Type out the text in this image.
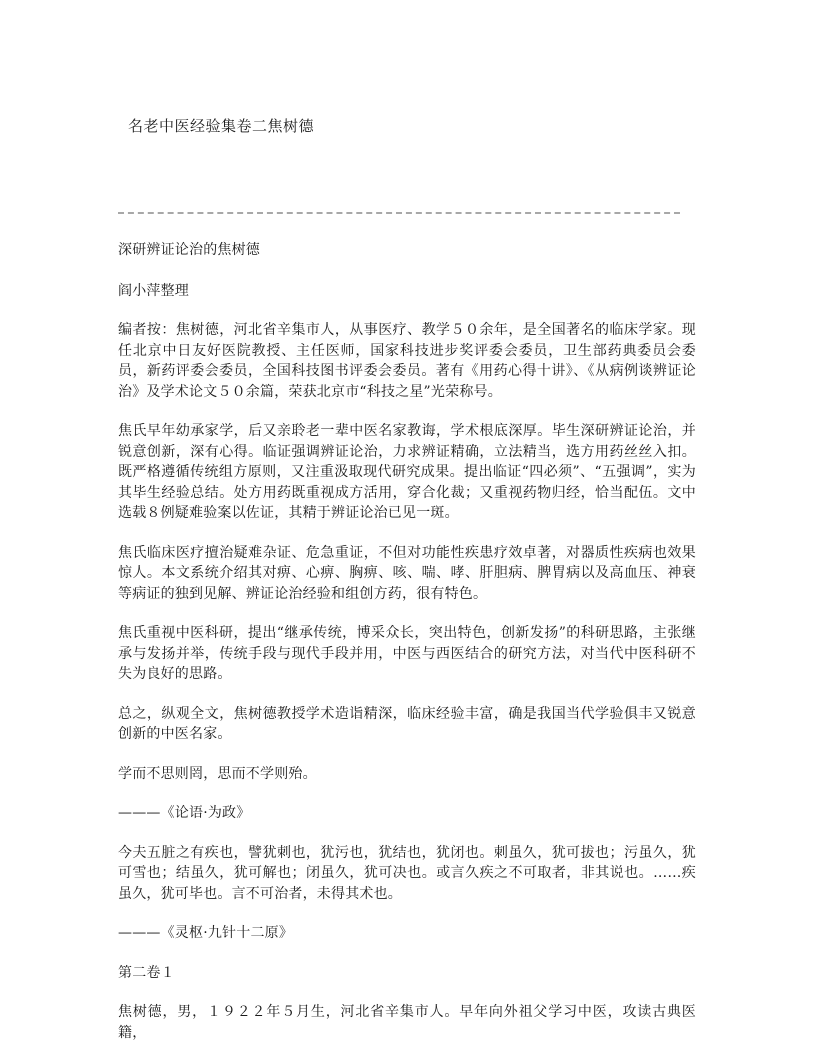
名老中医经验集卷二焦树德

深研辨证论治的焦树德

阎小萍整理

编者按：焦树德，河北省辛集市人，从事医疗、教学５０余年，是全国著名的临床学家。现任北京中日友好医院教授、主任医师，国家科技进步奖评委会委员，卫生部药典委员会委员，新药评委会委员，全国科技图书评委会委员。著有《用药心得十讲》、《从病例谈辨证论治》及学术论文５０余篇，荣获北京市“科技之星”光荣称号。

焦氏早年幼承家学，后又亲聆老一辈中医名家教诲，学术根底深厚。毕生深研辨证论治，并锐意创新，深有心得。临证强调辨证论治，力求辨证精确，立法精当，选方用药丝丝入扣。既严格遵循传统组方原则，又注重汲取现代研究成果。提出临证“四必须”、“五强调”，实为其毕生经验总结。处方用药既重视成方活用，穿合化裁；又重视药物归经，恰当配伍。文中选载８例疑难验案以佐证，其精于辨证论治已见一斑。

焦氏临床医疗擅治疑难杂证、危急重证，不但对功能性疾患疗效卓著，对器质性疾病也效果惊人。本文系统介绍其对痹、心痹、胸痹、咳、喘、哮、肝胆病、脾胃病以及高血压、神衰等病证的独到见解、辨证论治经验和组创方药，很有特色。

焦氏重视中医科研，提出“继承传统，博采众长，突出特色，创新发扬”的科研思路，主张继承与发扬并举，传统手段与现代手段并用，中医与西医结合的研究方法，对当代中医科研不失为良好的思路。

总之，纵观全文，焦树德教授学术造诣精深，临床经验丰富，确是我国当代学验俱丰又锐意创新的中医名家。

学而不思则罔，思而不学则殆。

———《论语·为政》

今夫五脏之有疾也，譬犹刺也，犹污也，犹结也，犹闭也。刺虽久，犹可拔也；污虽久，犹可雪也；结虽久，犹可解也；闭虽久，犹可决也。或言久疾之不可取者，非其说也。……疾虽久，犹可毕也。言不可治者，未得其术也。

———《灵枢·九针十二原》

第二卷１

焦树德，男，１９２２年５月生，河北省辛集市人。早年向外祖父学习中医，攻读古典医籍，
